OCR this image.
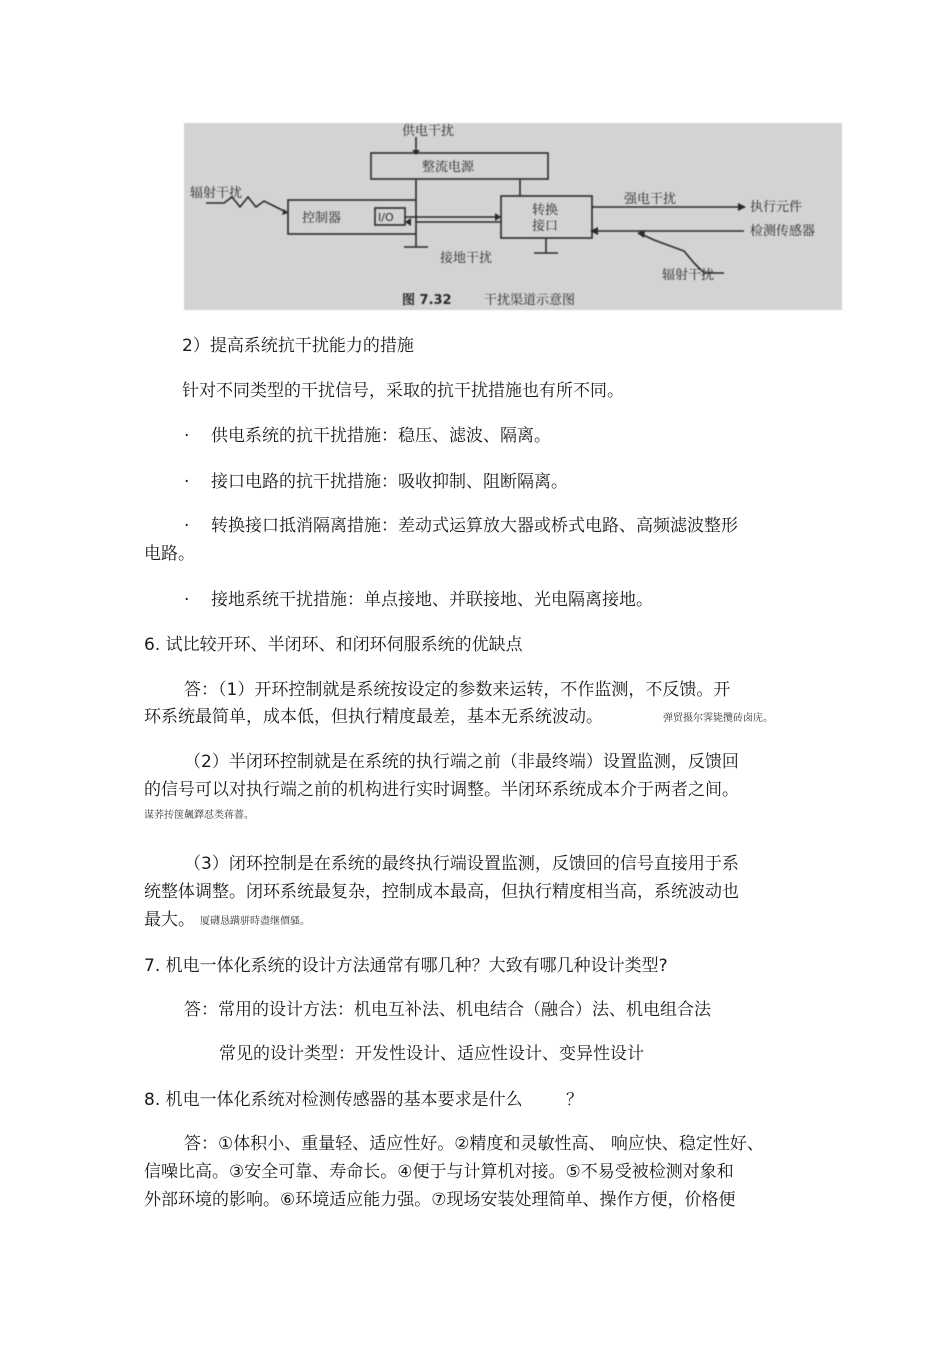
供电干扰
整流电源
辐射干扰
控制器	I/O	转换
接口
强电干扰
执行元件
检测传感器
接地干扰
辐射干扰
图 7.32 干扰渠道示意图
2）提高系统抗干扰能力的措施
针对不同类型的干扰信号，采取的抗干扰措施也有所不同。
· 供电系统的抗干扰措施：稳压、滤波、隔离。
· 接口电路的抗干扰措施：吸收抑制、阻断隔离。
· 转换接口抵消隔离措施：差动式运算放大器或桥式电路、高频滤波整形
电路。
· 接地系统干扰措施：单点接地、并联接地、光电隔离接地。
6. 试比较开环、半闭环、和闭环伺服系统的优缺点
答：（1）开环控制就是系统按设定的参数来运转，不作监测，不反馈。开
环系统最简单，成本低，但执行精度最差，基本无系统波动。	弹贸摄尔霁毙攬砖卤庑。
（2）半闭环控制就是在系统的执行端之前（非最终端）设置监测，反馈回
的信号可以对执行端之前的机构进行实时调整。半闭环系统成本介于两者之间。
谋荞抟箧飆鐸怼类蒋薔。
（3）闭环控制是在系统的最终执行端设置监测，反馈回的信号直接用于系
统整体调整。闭环系统最复杂，控制成本最高，但执行精度相当高，系统波动也
最大。 厦礴恳蹒骈時盡继價骚。
7. 机电一体化系统的设计方法通常有哪几种？大致有哪几种设计类型?
答：常用的设计方法：机电互补法、机电结合（融合）法、机电组合法
常见的设计类型：开发性设计、适应性设计、变异性设计
8. 机电一体化系统对检测传感器的基本要求是什么	？
答：①体积小、重量轻、适应性好。②精度和灵敏性高、 响应快、稳定性好、
信噪比高。③安全可靠、寿命长。④便于与计算机对接。⑤不易受被检测对象和
外部环境的影响。⑥环境适应能力强。⑦现场安装处理简单、操作方便，价格便
